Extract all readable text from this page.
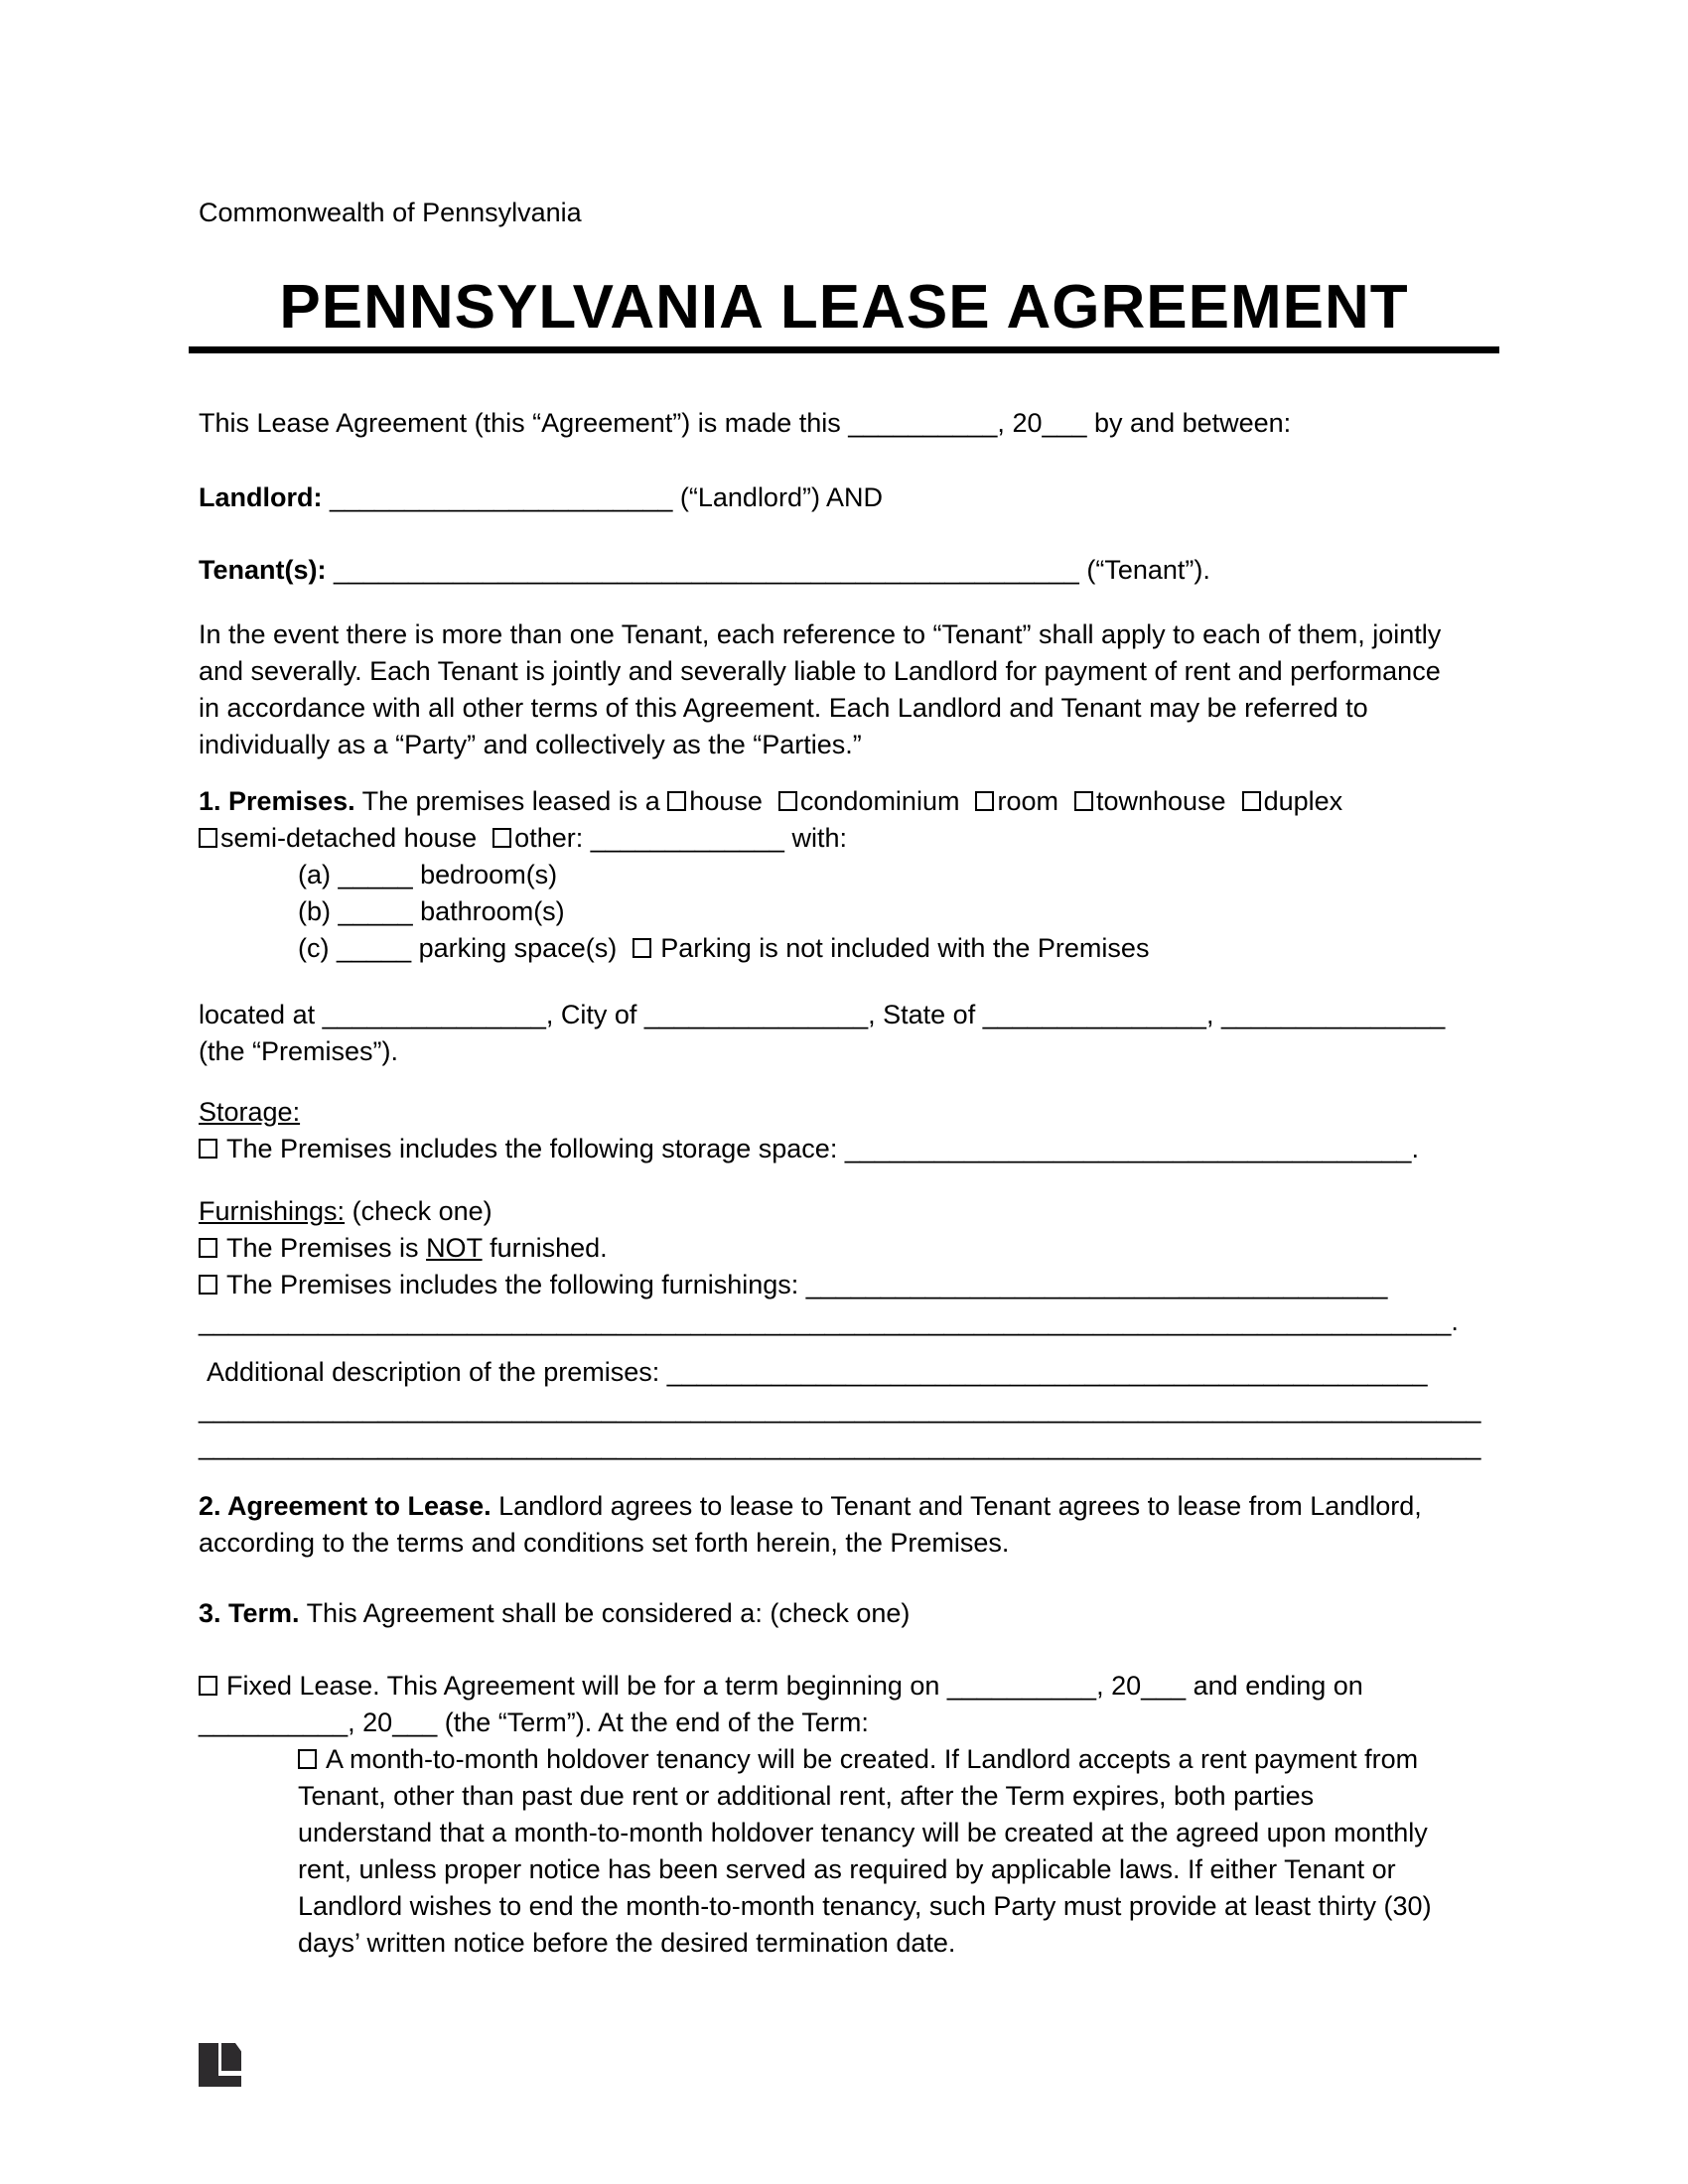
Commonwealth of Pennsylvania
PENNSYLVANIA LEASE AGREEMENT
This Lease Agreement (this “Agreement”) is made this __________, 20___ by and between:
Landlord: _______________________ (“Landlord”) AND
Tenant(s): __________________________________________________ (“Tenant”).
In the event there is more than one Tenant, each reference to “Tenant” shall apply to each of them, jointly
and severally. Each Tenant is jointly and severally liable to Landlord for payment of rent and performance
in accordance with all other terms of this Agreement. Each Landlord and Tenant may be referred to
individually as a “Party” and collectively as the “Parties.”
1. Premises. The premises leased is a house condominium room townhouse duplex
semi-detached house other: _____________ with:
(a) _____ bedroom(s)
(b) _____ bathroom(s)
(c) _____ parking space(s) Parking is not included with the Premises
located at _______________, City of _______________, State of _______________, _______________
(the “Premises”).
Storage:
The Premises includes the following storage space: ______________________________________.
Furnishings: (check one)
The Premises is NOT furnished.
The Premises includes the following furnishings: _______________________________________
____________________________________________________________________________________.
Additional description of the premises: ___________________________________________________
______________________________________________________________________________________
______________________________________________________________________________________
2. Agreement to Lease. Landlord agrees to lease to Tenant and Tenant agrees to lease from Landlord,
according to the terms and conditions set forth herein, the Premises.
3. Term. This Agreement shall be considered a: (check one)
Fixed Lease. This Agreement will be for a term beginning on __________, 20___ and ending on
__________, 20___ (the “Term”). At the end of the Term:
A month-to-month holdover tenancy will be created. If Landlord accepts a rent payment from
Tenant, other than past due rent or additional rent, after the Term expires, both parties
understand that a month-to-month holdover tenancy will be created at the agreed upon monthly
rent, unless proper notice has been served as required by applicable laws. If either Tenant or
Landlord wishes to end the month-to-month tenancy, such Party must provide at least thirty (30)
days’ written notice before the desired termination date.
